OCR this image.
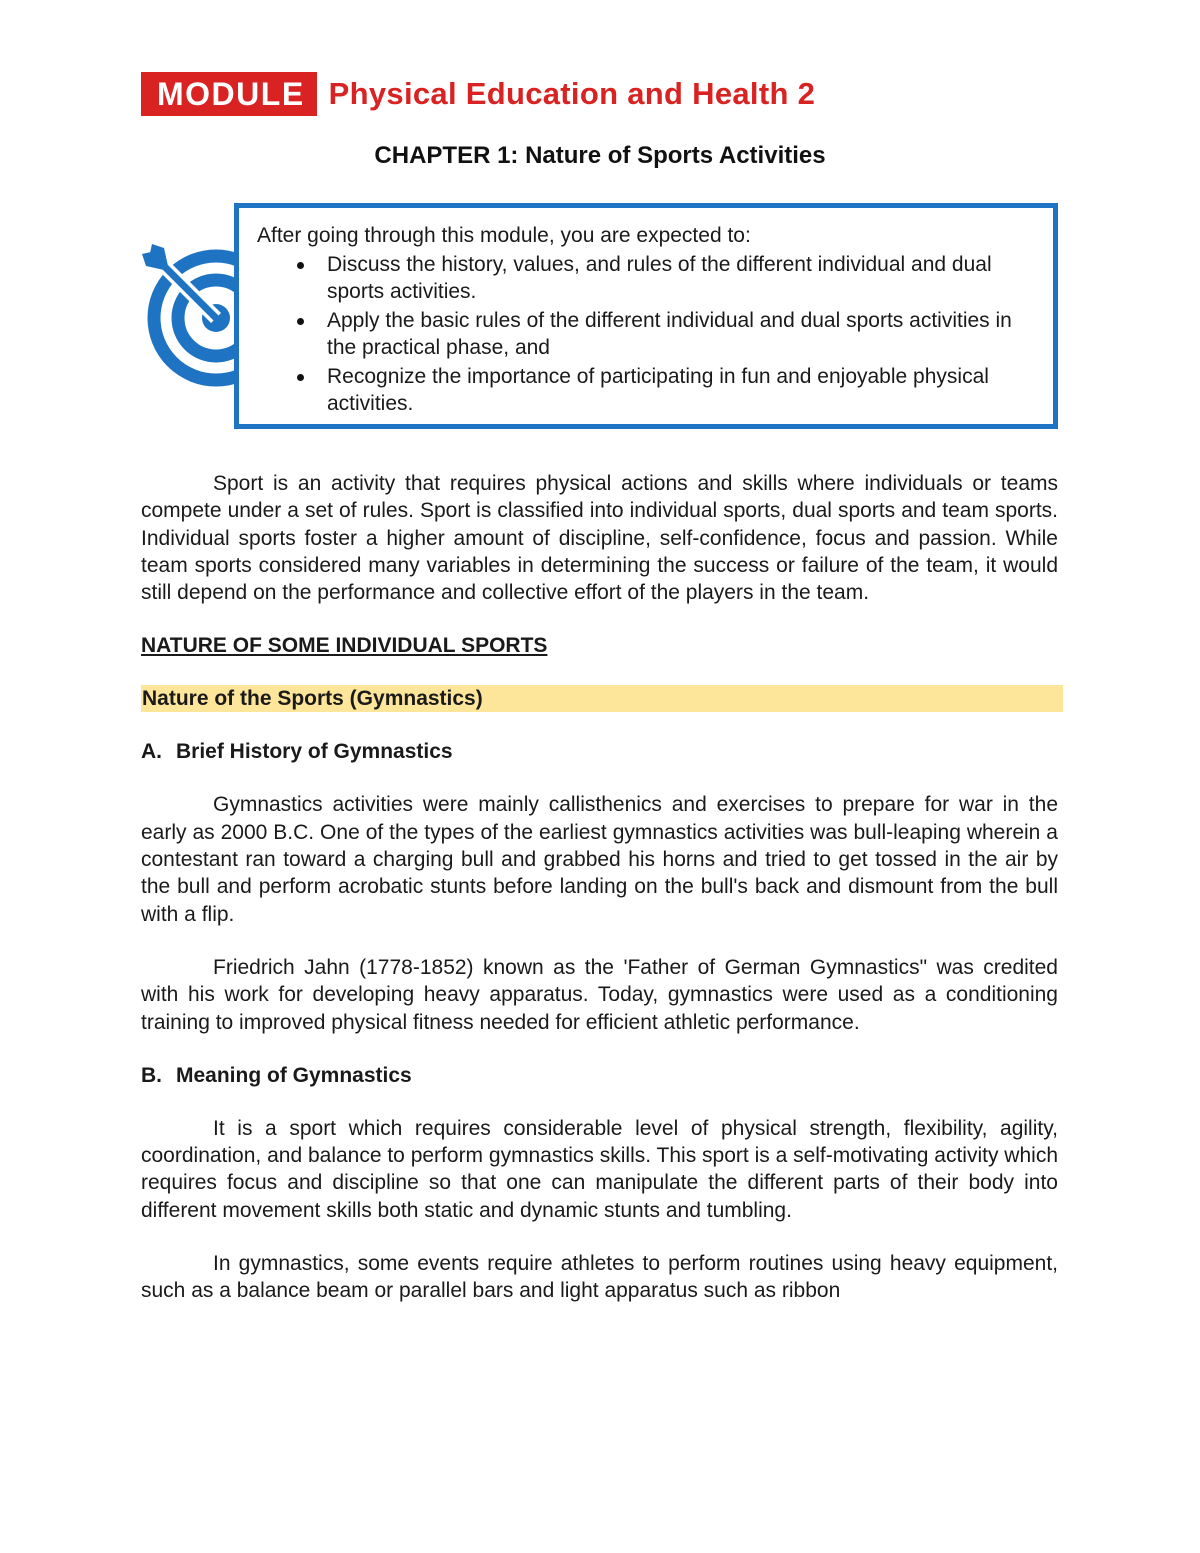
MODULE Physical Education and Health 2
CHAPTER 1: Nature of Sports Activities
After going through this module, you are expected to:
Discuss the history, values, and rules of the different individual and dual sports activities.
Apply the basic rules of the different individual and dual sports activities in the practical phase, and
Recognize the importance of participating in fun and enjoyable physical activities.

Sport is an activity that requires physical actions and skills where individuals or teams compete under a set of rules. Sport is classified into individual sports, dual sports and team sports. Individual sports foster a higher amount of discipline, self-confidence, focus and passion. While team sports considered many variables in determining the success or failure of the team, it would still depend on the performance and collective effort of the players in the team.

NATURE OF SOME INDIVIDUAL SPORTS
Nature of the Sports (Gymnastics)
A. Brief History of Gymnastics

Gymnastics activities were mainly callisthenics and exercises to prepare for war in the early as 2000 B.C. One of the types of the earliest gymnastics activities was bull-leaping wherein a contestant ran toward a charging bull and grabbed his horns and tried to get tossed in the air by the bull and perform acrobatic stunts before landing on the bull's back and dismount from the bull with a flip.

Friedrich Jahn (1778-1852) known as the 'Father of German Gymnastics" was credited with his work for developing heavy apparatus. Today, gymnastics were used as a conditioning training to improved physical fitness needed for efficient athletic performance.

B. Meaning of Gymnastics

It is a sport which requires considerable level of physical strength, flexibility, agility, coordination, and balance to perform gymnastics skills. This sport is a self-motivating activity which requires focus and discipline so that one can manipulate the different parts of their body into different movement skills both static and dynamic stunts and tumbling.

In gymnastics, some events require athletes to perform routines using heavy equipment, such as a balance beam or parallel bars and light apparatus such as ribbon
